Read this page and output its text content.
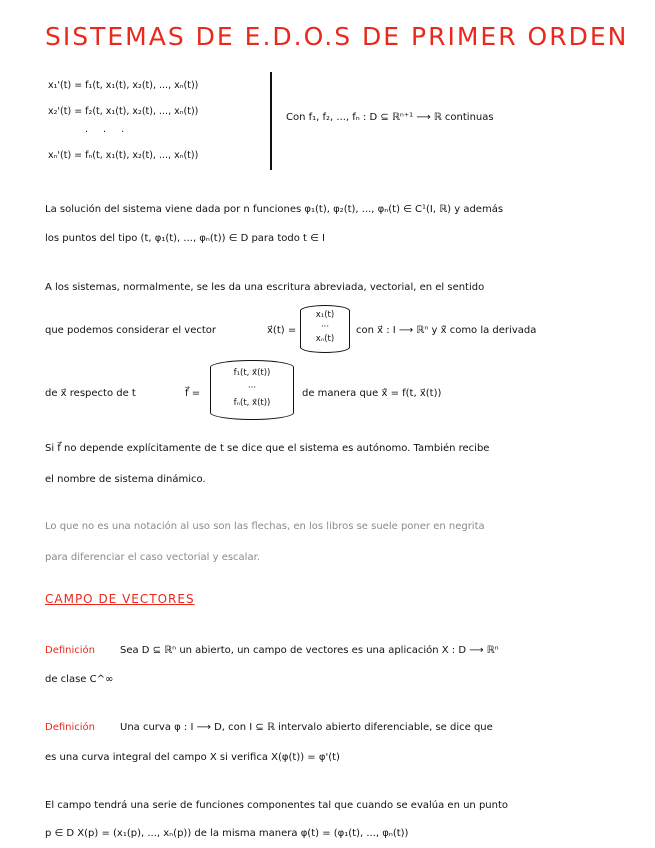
SISTEMAS DE E.D.O.S DE PRIMER ORDEN
x₁'(t) = f₁(t, x₁(t), x₂(t), ..., xₙ(t))
x₂'(t) = f₂(t, x₁(t), x₂(t), ..., xₙ(t))
. . .
xₙ'(t) = fₙ(t, x₁(t), x₂(t), ..., xₙ(t))
Con f₁, f₂, ..., fₙ : D ⊆ ℝⁿ⁺¹ ⟶ ℝ continuas
La solución del sistema viene dada por n funciones φ₁(t), φ₂(t), ..., φₙ(t) ∈ C¹(I, ℝ) y además
los puntos del tipo (t, φ₁(t), ..., φₙ(t)) ∈ D para todo t ∈ I
A los sistemas, normalmente, se les da una escritura abreviada, vectorial, en el sentido
que podemos considerar el vector	x⃗(t) =
x₁(t)
···
xₙ(t)
con x⃗ : I ⟶ ℝⁿ y x⃗̇ como la derivada
de x⃗ respecto de t	f⃗ =
f₁(t, x⃗(t))
···
fₙ(t, x⃗(t))
de manera que x⃗̇ = f(t, x⃗(t))
Si f⃗ no depende explícitamente de t se dice que el sistema es autónomo. También recibe
el nombre de sistema dinámico.
Lo que no es una notación al uso son las flechas, en los libros se suele poner en negrita
para diferenciar el caso vectorial y escalar.
CAMPO DE VECTORES
Definición	Sea D ⊆ ℝⁿ un abierto, un campo de vectores es una aplicación X : D ⟶ ℝⁿ
de clase C^∞
Definición	Una curva φ : I ⟶ D, con I ⊆ ℝ intervalo abierto diferenciable, se dice que
es una curva integral del campo X si verifica X(φ(t)) = φ'(t)
El campo tendrá una serie de funciones componentes tal que cuando se evalúa en un punto
p ∈ D X(p) = (x₁(p), ..., xₙ(p)) de la misma manera φ(t) = (φ₁(t), ..., φₙ(t))
